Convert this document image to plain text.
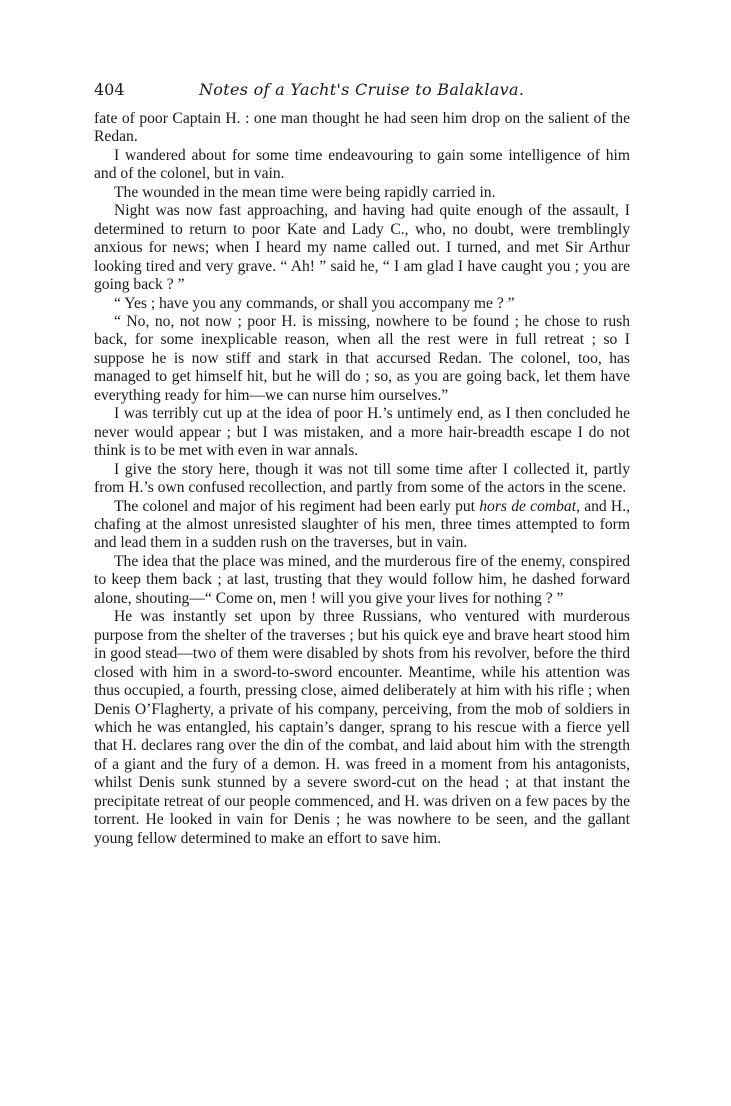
404	Notes of a Yacht's Cruise to Balaklava.

fate of poor Captain H. : one man thought he had seen him drop on the salient of the Redan.

I wandered about for some time endeavouring to gain some intelligence of him and of the colonel, but in vain.

The wounded in the mean time were being rapidly carried in.

Night was now fast approaching, and having had quite enough of the assault, I determined to return to poor Kate and Lady C., who, no doubt, were tremblingly anxious for news; when I heard my name called out. I turned, and met Sir Arthur looking tired and very grave. “ Ah! ” said he, “ I am glad I have caught you ; you are going back ? ”

“ Yes ; have you any commands, or shall you accompany me ? ”

“ No, no, not now ; poor H. is missing, nowhere to be found ; he chose to rush back, for some inexplicable reason, when all the rest were in full retreat ; so I suppose he is now stiff and stark in that accursed Redan. The colonel, too, has managed to get himself hit, but he will do ; so, as you are going back, let them have everything ready for him—we can nurse him ourselves.”

I was terribly cut up at the idea of poor H.’s untimely end, as I then concluded he never would appear ; but I was mistaken, and a more hair-breadth escape I do not think is to be met with even in war annals.

I give the story here, though it was not till some time after I collected it, partly from H.’s own confused recollection, and partly from some of the actors in the scene.

The colonel and major of his regiment had been early put hors de combat, and H., chafing at the almost unresisted slaughter of his men, three times attempted to form and lead them in a sudden rush on the traverses, but in vain.

The idea that the place was mined, and the murderous fire of the enemy, conspired to keep them back ; at last, trusting that they would follow him, he dashed forward alone, shouting—“ Come on, men ! will you give your lives for nothing ? ”

He was instantly set upon by three Russians, who ventured with murderous purpose from the shelter of the traverses ; but his quick eye and brave heart stood him in good stead—two of them were disabled by shots from his revolver, before the third closed with him in a sword-to-sword encounter. Meantime, while his attention was thus occupied, a fourth, pressing close, aimed deliberately at him with his rifle ; when Denis O’Flagherty, a private of his company, perceiving, from the mob of soldiers in which he was entangled, his captain’s danger, sprang to his rescue with a fierce yell that H. declares rang over the din of the combat, and laid about him with the strength of a giant and the fury of a demon. H. was freed in a moment from his antagonists, whilst Denis sunk stunned by a severe sword-cut on the head ; at that instant the precipitate retreat of our people commenced, and H. was driven on a few paces by the torrent. He looked in vain for Denis ; he was nowhere to be seen, and the gallant young fellow determined to make an effort to save him.
